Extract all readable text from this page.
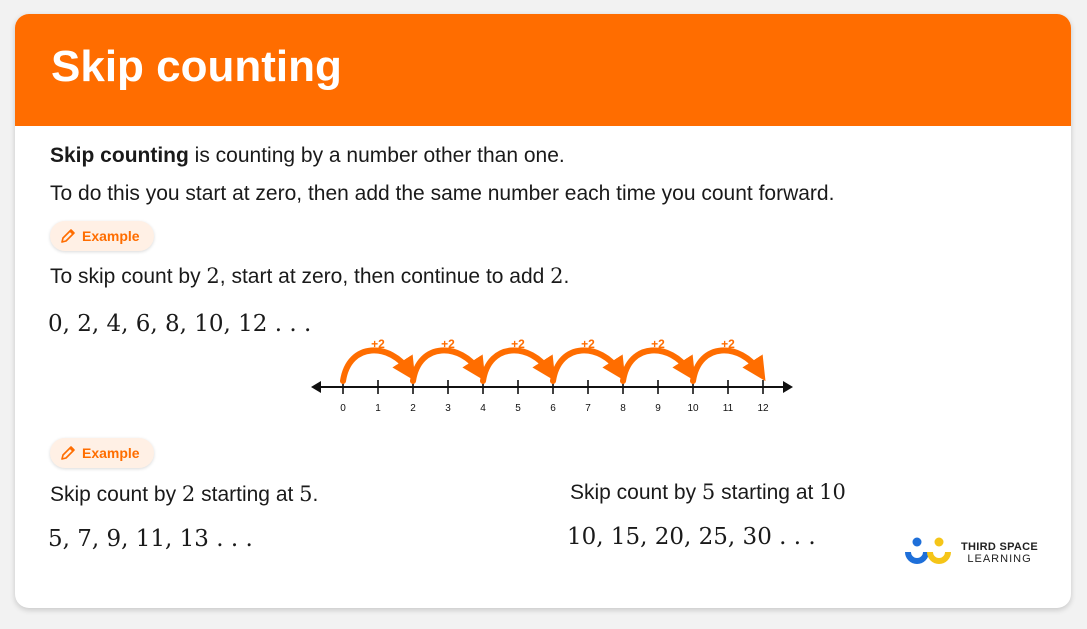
Skip counting
Skip counting is counting by a number other than one.
To do this you start at zero, then add the same number each time you count forward.
Example
To skip count by 2, start at zero, then continue to add 2.
0, 2, 4, 6, 8, 10, 12 . . .
0	1	2	3	4	5	6	7	8	9	10 11 12
+2	+2	+2	+2	+2	+2
Example
Skip count by 2 starting at 5.
5, 7, 9, 11, 13 . . .
Skip count by 5 starting at 10
10, 15, 20, 25, 30 . . .	THIRD SPACE
LEARNING
